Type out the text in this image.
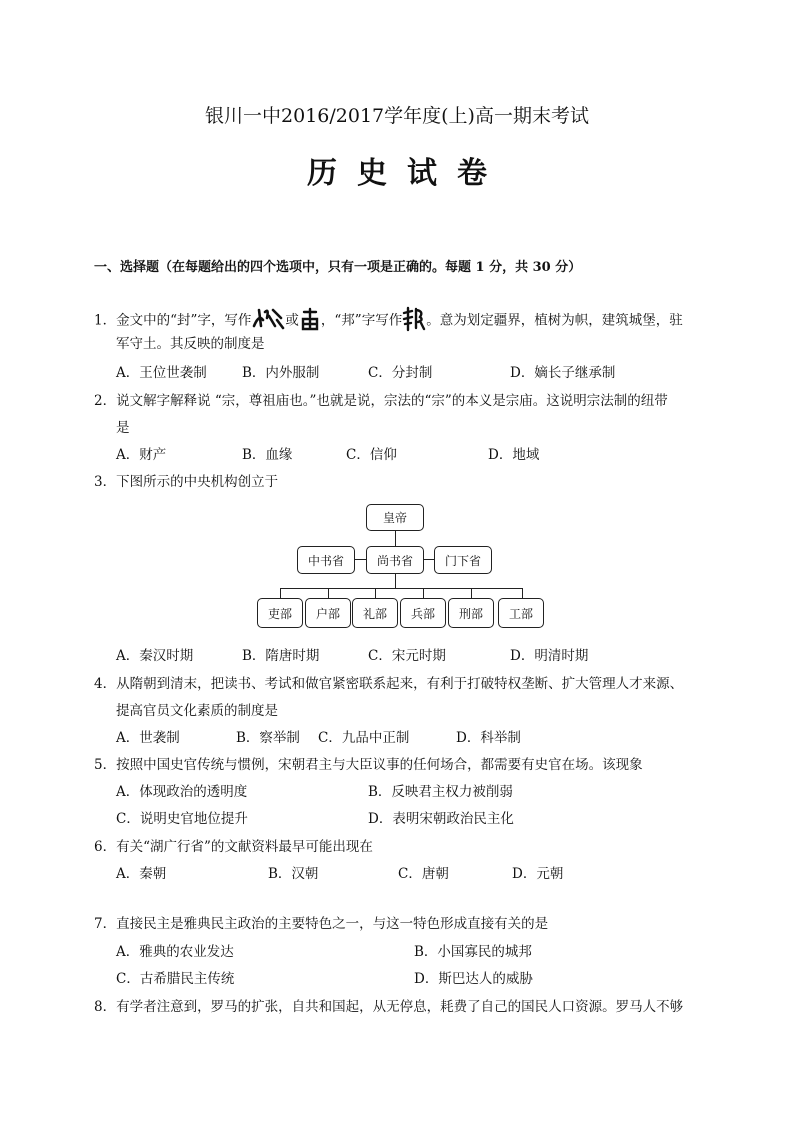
银川一中2016/2017学年度(上)高一期末考试
历史试卷
一、选择题（在每题给出的四个选项中，只有一项是正确的。每题 1 分，共 30 分）
1．金文中的“封”字，写作	或 ，“邦”字写作 。意为划定疆界，植树为帜，建筑城堡，驻
军守土。其反映的制度是
A．王位世袭制	B．内外服制	C．分封制	D．嫡长子继承制
2．说文解字解释说 “宗，尊祖庙也。”也就是说，宗法的“宗”的本义是宗庙。这说明宗法制的纽带
是
A．财产	B．血缘	C．信仰	D．地域
3．下图所示的中央机构创立于
皇帝
中书省	尚书省	门下省
吏部	户部	礼部	兵部	刑部	工部
A．秦汉时期	B．隋唐时期	C．宋元时期	D．明清时期
4．从隋朝到清末，把读书、考试和做官紧密联系起来，有利于打破特权垄断、扩大管理人才来源、
提高官员文化素质的制度是
A．世袭制	B．察举制 C．九品中正制	D．科举制
5．按照中国史官传统与惯例，宋朝君主与大臣议事的任何场合，都需要有史官在场。该现象
A．体现政治的透明度	B．反映君主权力被削弱
C．说明史官地位提升	D．表明宋朝政治民主化
6．有关“湖广行省”的文献资料最早可能出现在
A．秦朝	B．汉朝	C．唐朝	D．元朝
7．直接民主是雅典民主政治的主要特色之一，与这一特色形成直接有关的是
A．雅典的农业发达	B．小国寡民的城邦
C．古希腊民主传统	D．斯巴达人的威胁
8．有学者注意到，罗马的扩张，自共和国起，从无停息，耗费了自己的国民人口资源。罗马人不够
